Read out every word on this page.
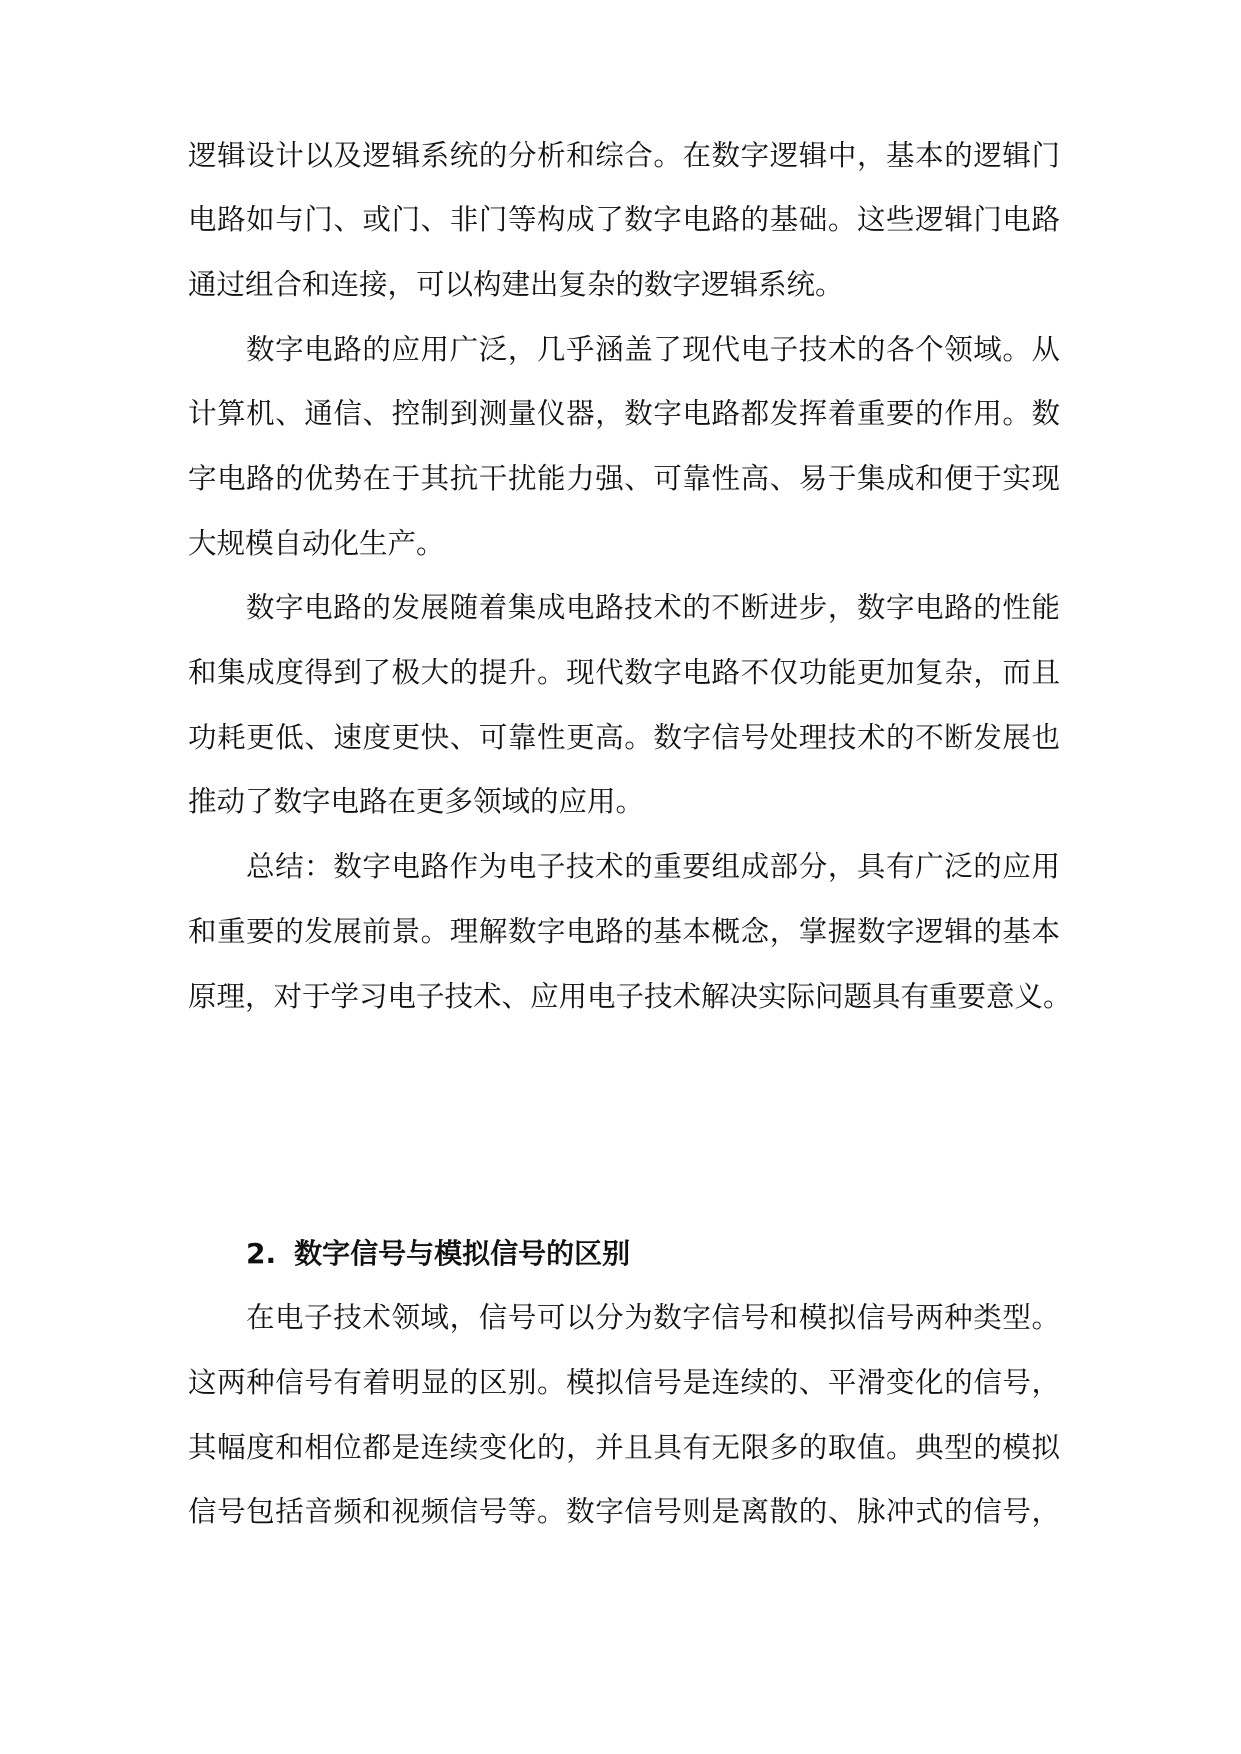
逻辑设计以及逻辑系统的分析和综合。在数字逻辑中，基本的逻辑门
电路如与门、或门、非门等构成了数字电路的基础。这些逻辑门电路
通过组合和连接，可以构建出复杂的数字逻辑系统。
数字电路的应用广泛，几乎涵盖了现代电子技术的各个领域。从
计算机、通信、控制到测量仪器，数字电路都发挥着重要的作用。数
字电路的优势在于其抗干扰能力强、可靠性高、易于集成和便于实现
大规模自动化生产。
数字电路的发展随着集成电路技术的不断进步，数字电路的性能
和集成度得到了极大的提升。现代数字电路不仅功能更加复杂，而且
功耗更低、速度更快、可靠性更高。数字信号处理技术的不断发展也
推动了数字电路在更多领域的应用。
总结：数字电路作为电子技术的重要组成部分，具有广泛的应用
和重要的发展前景。理解数字电路的基本概念，掌握数字逻辑的基本
原理，对于学习电子技术、应用电子技术解决实际问题具有重要意义。
2. 数字信号与模拟信号的区别
在电子技术领域，信号可以分为数字信号和模拟信号两种类型。
这两种信号有着明显的区别。模拟信号是连续的、平滑变化的信号，
其幅度和相位都是连续变化的，并且具有无限多的取值。典型的模拟
信号包括音频和视频信号等。数字信号则是离散的、脉冲式的信号，
